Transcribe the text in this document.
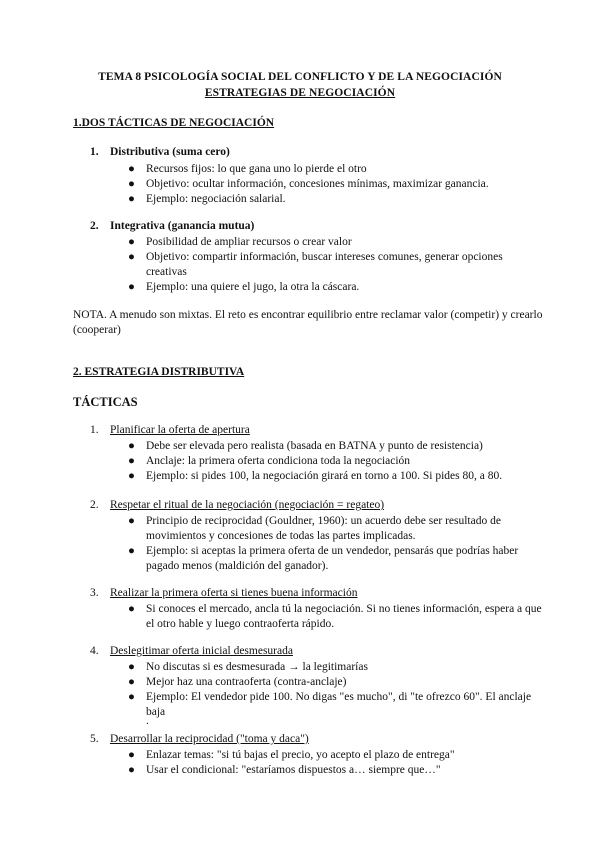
TEMA 8 PSICOLOGÍA SOCIAL DEL CONFLICTO Y DE LA NEGOCIACIÓN
ESTRATEGIAS DE NEGOCIACIÓN
1.DOS TÁCTICAS DE NEGOCIACIÓN
1. Distributiva (suma cero)
● Recursos fijos: lo que gana uno lo pierde el otro
● Objetivo: ocultar información, concesiones mínimas, maximizar ganancia.
● Ejemplo: negociación salarial.
2. Integrativa (ganancia mutua)
● Posibilidad de ampliar recursos o crear valor
● Objetivo: compartir información, buscar intereses comunes, generar opciones
creativas
● Ejemplo: una quiere el jugo, la otra la cáscara.
NOTA. A menudo son mixtas. El reto es encontrar equilibrio entre reclamar valor (competir) y crearlo
(cooperar)
2. ESTRATEGIA DISTRIBUTIVA
TÁCTICAS
1. Planificar la oferta de apertura
● Debe ser elevada pero realista (basada en BATNA y punto de resistencia)
● Anclaje: la primera oferta condiciona toda la negociación
● Ejemplo: si pides 100, la negociación girará en torno a 100. Si pides 80, a 80.
2. Respetar el ritual de la negociación (negociación = regateo)
● Principio de reciprocidad (Gouldner, 1960): un acuerdo debe ser resultado de
movimientos y concesiones de todas las partes implicadas.
● Ejemplo: si aceptas la primera oferta de un vendedor, pensarás que podrías haber
pagado menos (maldición del ganador).
3. Realizar la primera oferta si tienes buena información
● Si conoces el mercado, ancla tú la negociación. Si no tienes información, espera a que
el otro hable y luego contraoferta rápido.
4. Deslegitimar oferta inicial desmesurada
● No discutas si es desmesurada → la legitimarías
● Mejor haz una contraoferta (contra-anclaje)
● Ejemplo: El vendedor pide 100. No digas "es mucho", di "te ofrezco 60". El anclaje
baja
.
5. Desarrollar la reciprocidad ("toma y daca")
● Enlazar temas: "si tú bajas el precio, yo acepto el plazo de entrega"
● Usar el condicional: "estaríamos dispuestos a… siempre que…"
